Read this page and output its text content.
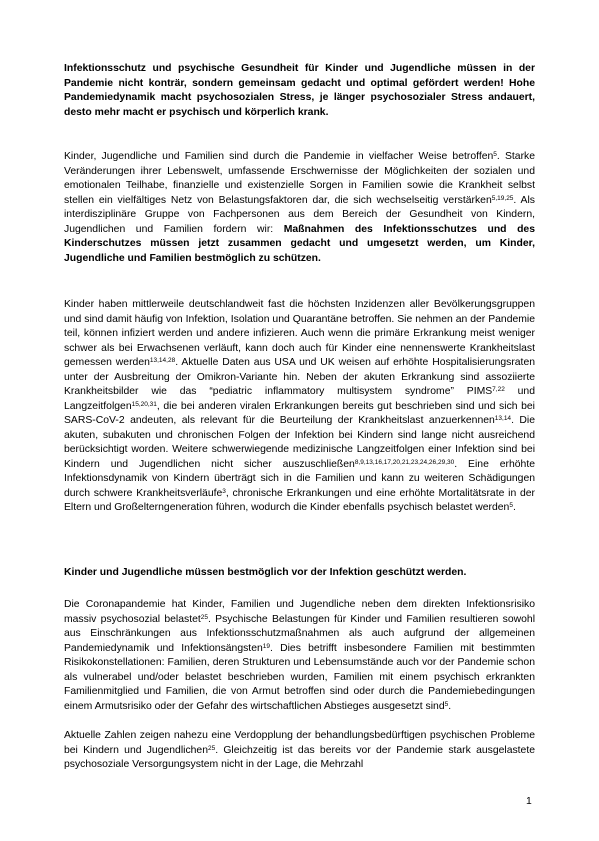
Infektionsschutz und psychische Gesundheit für Kinder und Jugendliche müssen in der Pandemie nicht konträr, sondern gemeinsam gedacht und optimal gefördert werden! Hohe Pandemiedynamik macht psychosozialen Stress, je länger psychosozialer Stress andauert, desto mehr macht er psychisch und körperlich krank.

Kinder, Jugendliche und Familien sind durch die Pandemie in vielfacher Weise betroffen$^5$. Starke Veränderungen ihrer Lebenswelt, umfassende Erschwernisse der Möglichkeiten der sozialen und emotionalen Teilhabe, finanzielle und existenzielle Sorgen in Familien sowie die Krankheit selbst stellen ein vielfältiges Netz von Belastungsfaktoren dar, die sich wechselseitig verstärken$^{5,19,25}$. Als interdisziplinäre Gruppe von Fachpersonen aus dem Bereich der Gesundheit von Kindern, Jugendlichen und Familien fordern wir: Maßnahmen des Infektionsschutzes und des Kinderschutzes müssen jetzt zusammen gedacht und umgesetzt werden, um Kinder, Jugendliche und Familien bestmöglich zu schützen.

Kinder haben mittlerweile deutschlandweit fast die höchsten Inzidenzen aller Bevölkerungsgruppen und sind damit häufig von Infektion, Isolation und Quarantäne betroffen. Sie nehmen an der Pandemie teil, können infiziert werden und andere infizieren. Auch wenn die primäre Erkrankung meist weniger schwer als bei Erwachsenen verläuft, kann doch auch für Kinder eine nennenswerte Krankheitslast gemessen werden$^{13,14,28}$. Aktuelle Daten aus USA und UK weisen auf erhöhte Hospitalisierungsraten unter der Ausbreitung der Omikron-Variante hin. Neben der akuten Erkrankung sind assoziierte Krankheitsbilder wie das “pediatric inflammatory multisystem syndrome” PIMS$^{7,22}$ und Langzeitfolgen$^{15,20,31}$, die bei anderen viralen Erkrankungen bereits gut beschrieben sind und sich bei SARS-CoV-2 andeuten, als relevant für die Beurteilung der Krankheitslast anzuerkennen$^{13,14}$. Die akuten, subakuten und chronischen Folgen der Infektion bei Kindern sind lange nicht ausreichend berücksichtigt worden. Weitere schwerwiegende medizinische Langzeitfolgen einer Infektion sind bei Kindern und Jugendlichen nicht sicher auszuschließen$^{8,9,13,16,17,20,21,23,24,26,29,30}$. Eine erhöhte Infektionsdynamik von Kindern überträgt sich in die Familien und kann zu weiteren Schädigungen durch schwere Krankheitsverläufe$^3$, chronische Erkrankungen und eine erhöhte Mortalitätsrate in der Eltern und Großelterngeneration führen, wodurch die Kinder ebenfalls psychisch belastet werden$^5$.

Kinder und Jugendliche müssen bestmöglich vor der Infektion geschützt werden.

Die Coronapandemie hat Kinder, Familien und Jugendliche neben dem direkten Infektionsrisiko massiv psychosozial belastet$^{25}$. Psychische Belastungen für Kinder und Familien resultieren sowohl aus Einschränkungen aus Infektionsschutzmaßnahmen als auch aufgrund der allgemeinen Pandemiedynamik und Infektionsängsten$^{19}$. Dies betrifft insbesondere Familien mit bestimmten Risikokonstellationen: Familien, deren Strukturen und Lebensumstände auch vor der Pandemie schon als vulnerabel und/oder belastet beschrieben wurden, Familien mit einem psychisch erkrankten Familienmitglied und Familien, die von Armut betroffen sind oder durch die Pandemiebedingungen einem Armutsrisiko oder der Gefahr des wirtschaftlichen Abstieges ausgesetzt sind$^5$.

Aktuelle Zahlen zeigen nahezu eine Verdopplung der behandlungsbedürftigen psychischen Probleme bei Kindern und Jugendlichen$^{25}$. Gleichzeitig ist das bereits vor der Pandemie stark ausgelastete psychosoziale Versorgungsystem nicht in der Lage, die Mehrzahl

1
